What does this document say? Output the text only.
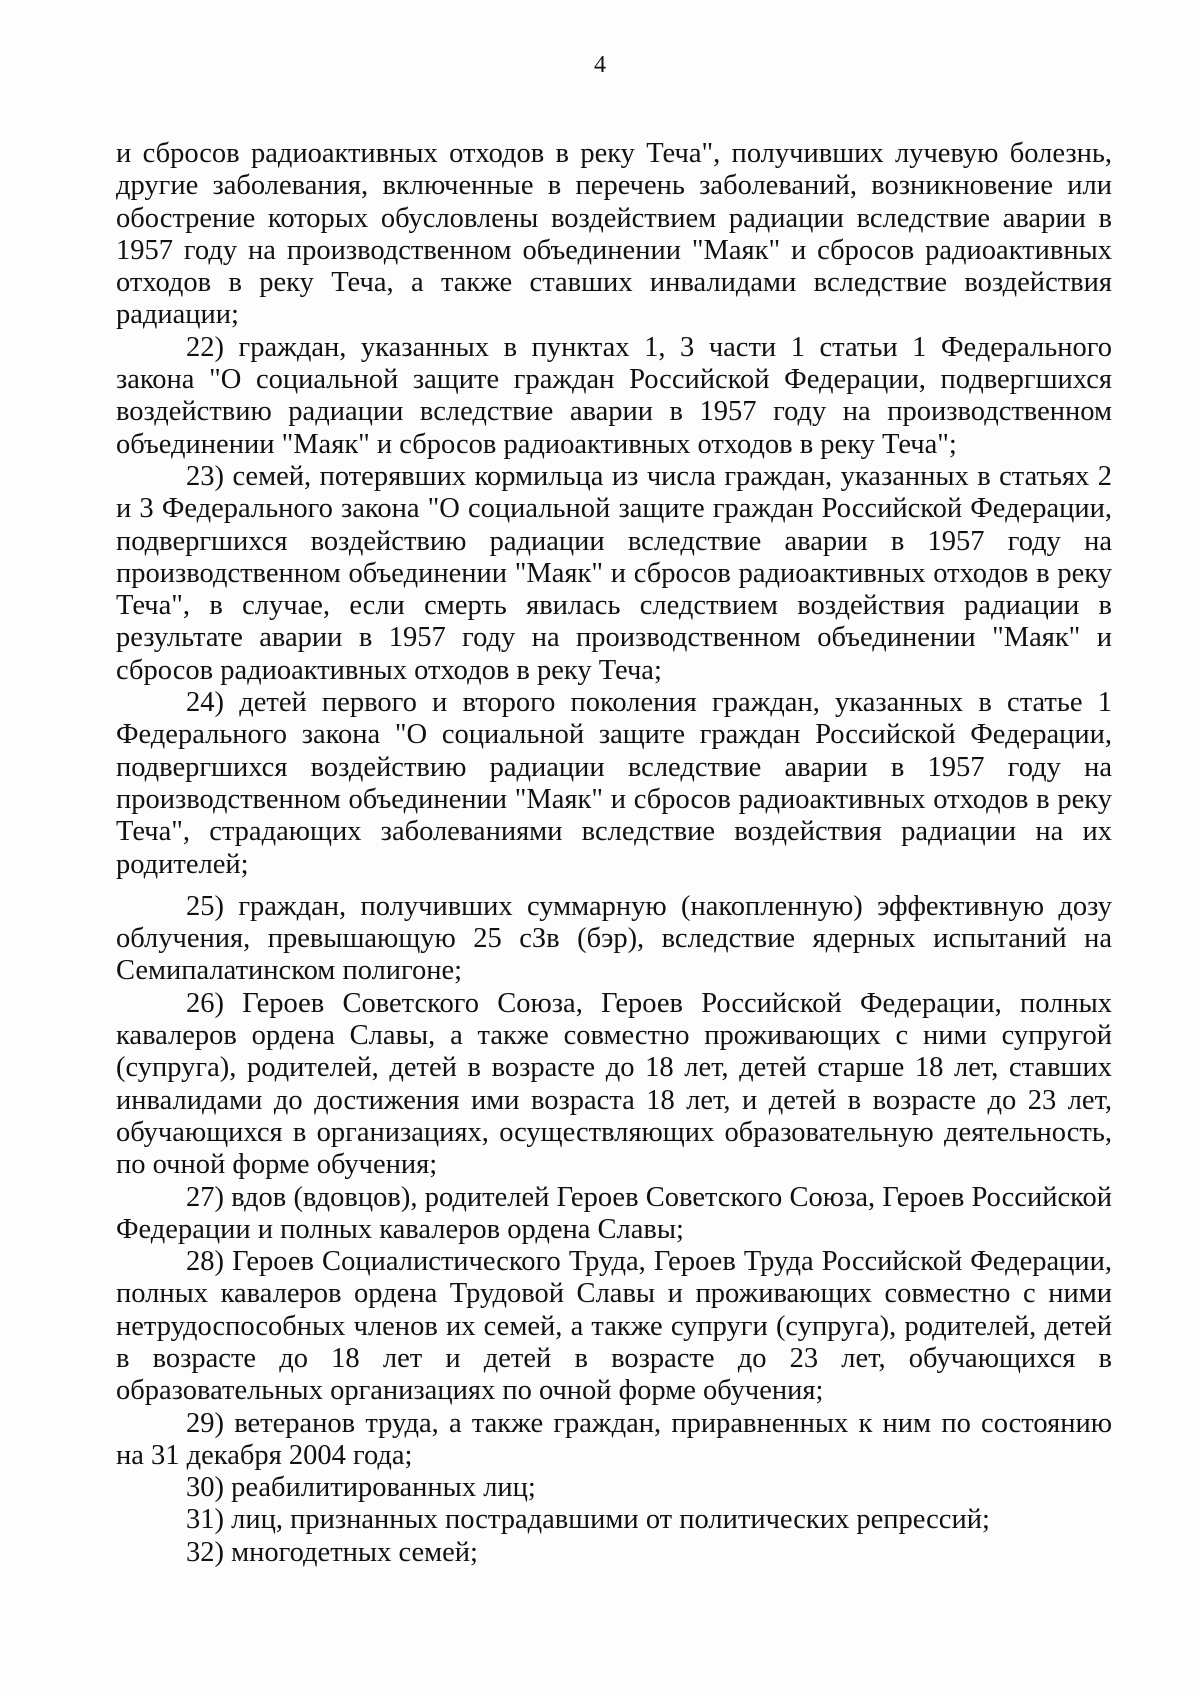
4

и сбросов радиоактивных отходов в реку Теча", получивших лучевую болезнь, другие заболевания, включенные в перечень заболеваний, возникновение или обострение которых обусловлены воздействием радиации вследствие аварии в 1957 году на производственном объединении "Маяк" и сбросов радиоактивных отходов в реку Теча, а также ставших инвалидами вследствие воздействия радиации;

22) граждан, указанных в пунктах 1, 3 части 1 статьи 1 Федерального закона "О социальной защите граждан Российской Федерации, подвергшихся воздействию радиации вследствие аварии в 1957 году на производственном объединении "Маяк" и сбросов радиоактивных отходов в реку Теча";

23) семей, потерявших кормильца из числа граждан, указанных в статьях 2 и 3 Федерального закона "О социальной защите граждан Российской Федерации, подвергшихся воздействию радиации вследствие аварии в 1957 году на производственном объединении "Маяк" и сбросов радиоактивных отходов в реку Теча", в случае, если смерть явилась следствием воздействия радиации в результате аварии в 1957 году на производственном объединении "Маяк" и сбросов радиоактивных отходов в реку Теча;

24) детей первого и второго поколения граждан, указанных в статье 1 Федерального закона "О социальной защите граждан Российской Федерации, подвергшихся воздействию радиации вследствие аварии в 1957 году на производственном объединении "Маяк" и сбросов радиоактивных отходов в реку Теча", страдающих заболеваниями вследствие воздействия радиации на их родителей;

25) граждан, получивших суммарную (накопленную) эффективную дозу облучения, превышающую 25 сЗв (бэр), вследствие ядерных испытаний на Семипалатинском полигоне;

26) Героев Советского Союза, Героев Российской Федерации, полных кавалеров ордена Славы, а также совместно проживающих с ними супругой (супруга), родителей, детей в возрасте до 18 лет, детей старше 18 лет, ставших инвалидами до достижения ими возраста 18 лет, и детей в возрасте до 23 лет, обучающихся в организациях, осуществляющих образовательную деятельность, по очной форме обучения;

27) вдов (вдовцов), родителей Героев Советского Союза, Героев Российской Федерации и полных кавалеров ордена Славы;

28) Героев Социалистического Труда, Героев Труда Российской Федерации, полных кавалеров ордена Трудовой Славы и проживающих совместно с ними нетрудоспособных членов их семей, а также супруги (супруга), родителей, детей в возрасте до 18 лет и детей в возрасте до 23 лет, обучающихся в образовательных организациях по очной форме обучения;

29) ветеранов труда, а также граждан, приравненных к ним по состоянию на 31 декабря 2004 года;

30) реабилитированных лиц;

31) лиц, признанных пострадавшими от политических репрессий;

32) многодетных семей;
